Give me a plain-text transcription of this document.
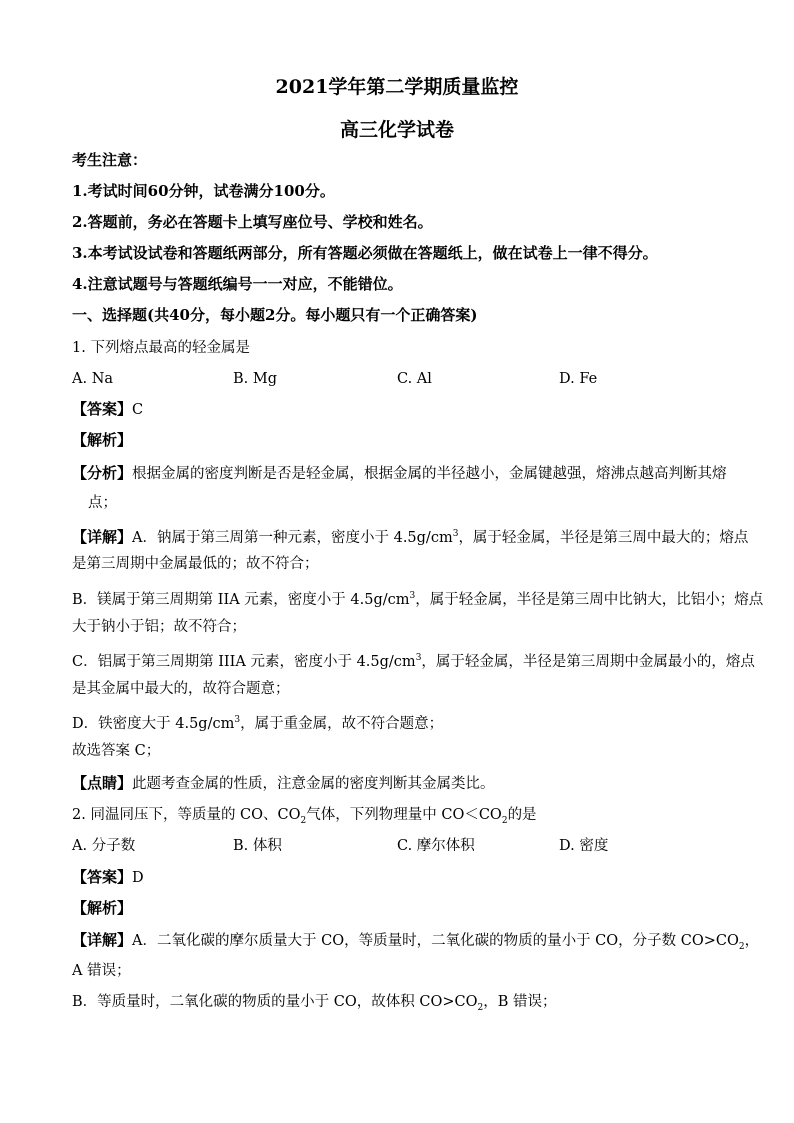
2021学年第二学期质量监控
高三化学试卷
考生注意：
1.考试时间60分钟，试卷满分100分。
2.答题前，务必在答题卡上填写座位号、学校和姓名。
3.本考试设试卷和答题纸两部分，所有答题必须做在答题纸上，做在试卷上一律不得分。
4.注意试题号与答题纸编号一一对应，不能错位。
一、选择题(共40分，每小题2分。每小题只有一个正确答案)
1. 下列熔点最高的轻金属是
A. Na	B. Mg	C. Al	D. Fe
【答案】C
【解析】
【分析】根据金属的密度判断是否是轻金属，根据金属的半径越小，金属键越强，熔沸点越高判断其熔
点；
【详解】A．钠属于第三周第一种元素，密度小于 $4.5g/cm^3$，属于轻金属，半径是第三周中最大的；熔点
是第三周期中金属最低的；故不符合；
B．镁属于第三周期第 IIA 元素，密度小于 $4.5g/cm^3$，属于轻金属，半径是第三周中比钠大，比铝小；熔点
大于钠小于铝；故不符合；
C．铝属于第三周期第 IIIA 元素，密度小于 $4.5g/cm^3$，属于轻金属，半径是第三周期中金属最小的，熔点
是其金属中最大的，故符合题意；
D．铁密度大于 $4.5g/cm^3$，属于重金属，故不符合题意；
故选答案 C；
【点睛】此题考查金属的性质，注意金属的密度判断其金属类比。
2. 同温同压下，等质量的 CO、$CO_2$气体，下列物理量中 $CO<CO_2$的是
A. 分子数	B. 体积	C. 摩尔体积	D. 密度
【答案】D
【解析】
【详解】A．二氧化碳的摩尔质量大于 CO，等质量时，二氧化碳的物质的量小于 CO，分子数 $CO>CO_2$，
A 错误；
B．等质量时，二氧化碳的物质的量小于 CO，故体积 $CO>CO_2$，B 错误；
